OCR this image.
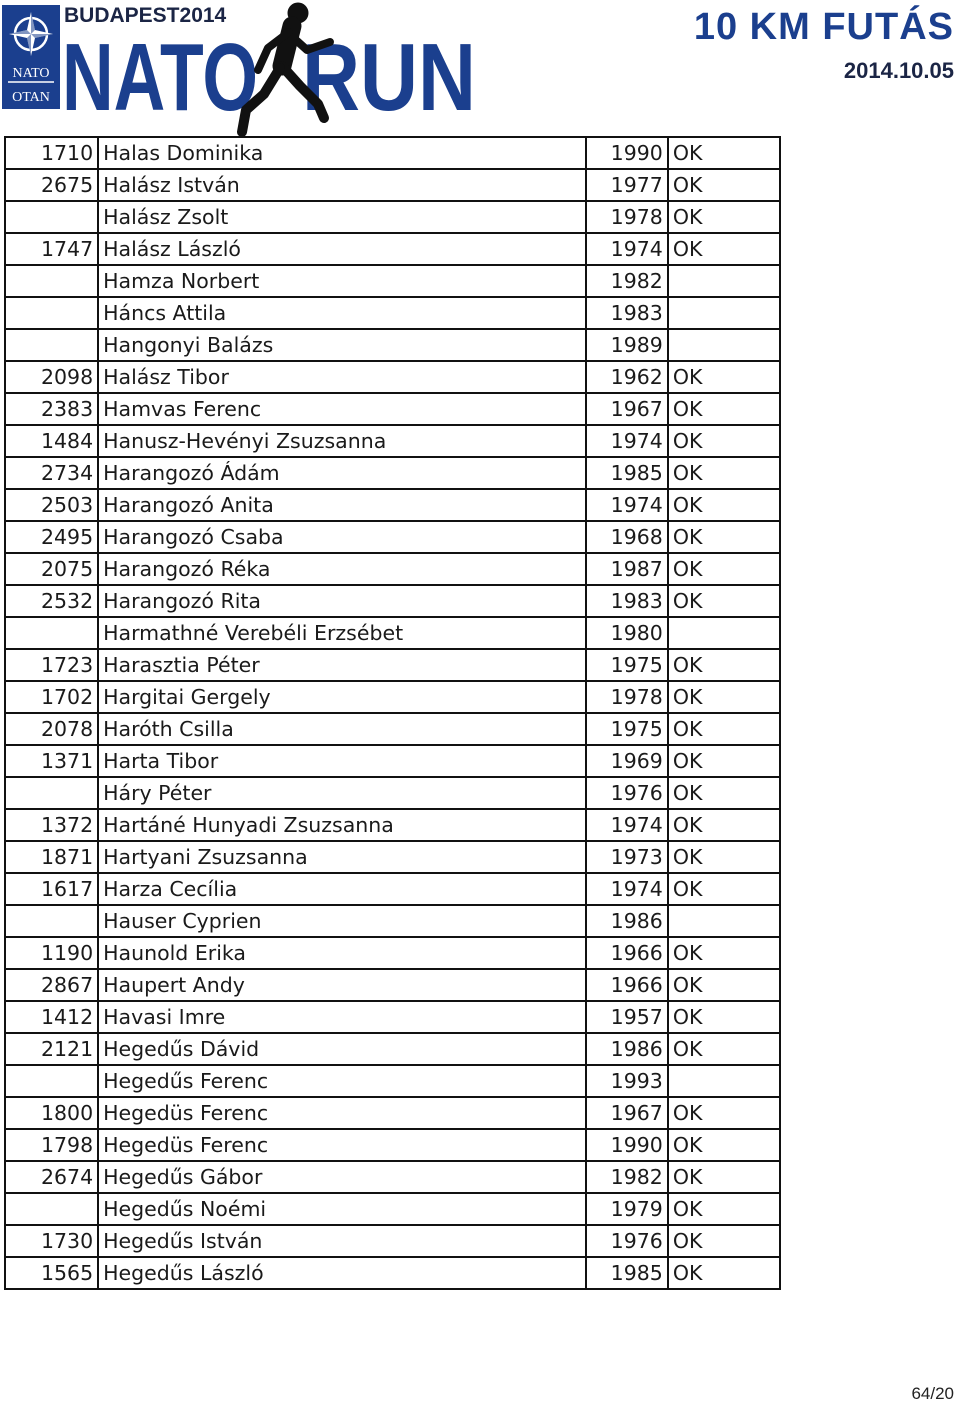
NATO
OTAN
BUDAPEST2014
NATO RUN	10 KM FUTÁS
2014.10.05
1710	Halas Dominika	1990	OK
2675	Halász István	1977	OK
	Halász Zsolt	1978	OK
1747	Halász László	1974	OK
	Hamza Norbert	1982	
	Háncs Attila	1983	
	Hangonyi Balázs	1989	
2098	Halász Tibor	1962	OK
2383	Hamvas Ferenc	1967	OK
1484	Hanusz-Hevényi Zsuzsanna	1974	OK
2734	Harangozó Ádám	1985	OK
2503	Harangozó Anita	1974	OK
2495	Harangozó Csaba	1968	OK
2075	Harangozó Réka	1987	OK
2532	Harangozó Rita	1983	OK
	Harmathné Verebéli Erzsébet	1980	
1723	Harasztia Péter	1975	OK
1702	Hargitai Gergely	1978	OK
2078	Haróth Csilla	1975	OK
1371	Harta Tibor	1969	OK
	Háry Péter	1976	OK
1372	Hartáné Hunyadi Zsuzsanna	1974	OK
1871	Hartyani Zsuzsanna	1973	OK
1617	Harza Cecília	1974	OK
	Hauser Cyprien	1986	
1190	Haunold Erika	1966	OK
2867	Haupert Andy	1966	OK
1412	Havasi Imre	1957	OK
2121	Hegedűs Dávid	1986	OK
	Hegedűs Ferenc	1993	
1800	Hegedüs Ferenc	1967	OK
1798	Hegedüs Ferenc	1990	OK
2674	Hegedűs Gábor	1982	OK
	Hegedűs Noémi	1979	OK
1730	Hegedűs István	1976	OK
1565	Hegedűs László	1985	OK
64/20
